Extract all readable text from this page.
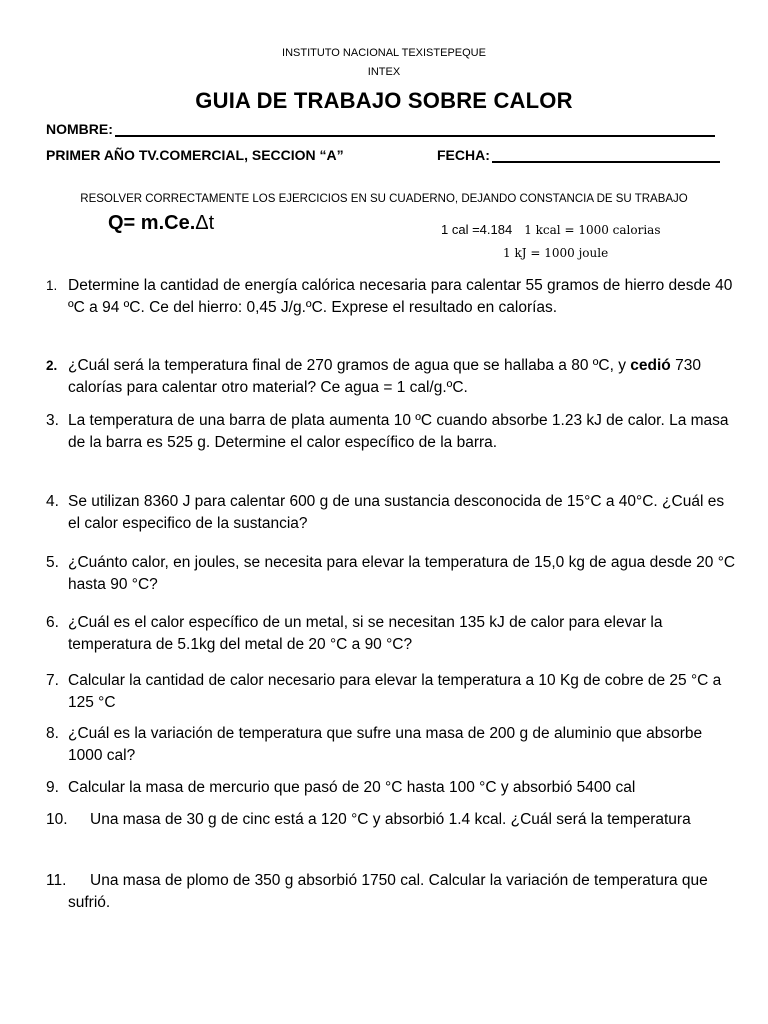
INSTITUTO NACIONAL TEXISTEPEQUE
INTEX
GUIA DE TRABAJO SOBRE CALOR
NOMBRE:
PRIMER AÑO TV.COMERCIAL, SECCION “A”	FECHA:
RESOLVER CORRECTAMENTE LOS EJERCICIOS EN SU CUADERNO, DEJANDO CONSTANCIA DE SU TRABAJO
Q= m.Ce.Δt	1 cal =4.184 1 kcal = 1000 calorias
1 kJ = 1000 joule
1. Determine la cantidad de energía calórica necesaria para calentar 55 gramos de hierro desde 40 ºC a 94 ºC. Ce del hierro: 0,45 J/g.ºC. Exprese el resultado en calorías.
2. ¿Cuál será la temperatura final de 270 gramos de agua que se hallaba a 80 ºC, y cedió 730 calorías para calentar otro material? Ce agua = 1 cal/g.ºC.
3. La temperatura de una barra de plata aumenta 10 ºC cuando absorbe 1.23 kJ de calor. La masa de la barra es 525 g. Determine el calor específico de la barra.
4. Se utilizan 8360 J para calentar 600 g de una sustancia desconocida de 15°C a 40°C. ¿Cuál es el calor especifico de la sustancia?
5. ¿Cuánto calor, en joules, se necesita para elevar la temperatura de 15,0 kg de agua desde 20 °C hasta 90 °C?
6. ¿Cuál es el calor específico de un metal, si se necesitan 135 kJ de calor para elevar la temperatura de 5.1kg del metal de 20 °C a 90 °C?
7. Calcular la cantidad de calor necesario para elevar la temperatura a 10 Kg de cobre de 25 °C a 125 °C
8. ¿Cuál es la variación de temperatura que sufre una masa de 200 g de aluminio que absorbe 1000 cal?
9. Calcular la masa de mercurio que pasó de 20 °C hasta 100 °C y absorbió 5400 cal
10.	Una masa de 30 g de cinc está a 120 °C y absorbió 1.4 kcal. ¿Cuál será la temperatura
11.	Una masa de plomo de 350 g absorbió 1750 cal. Calcular la variación de temperatura que sufrió.
